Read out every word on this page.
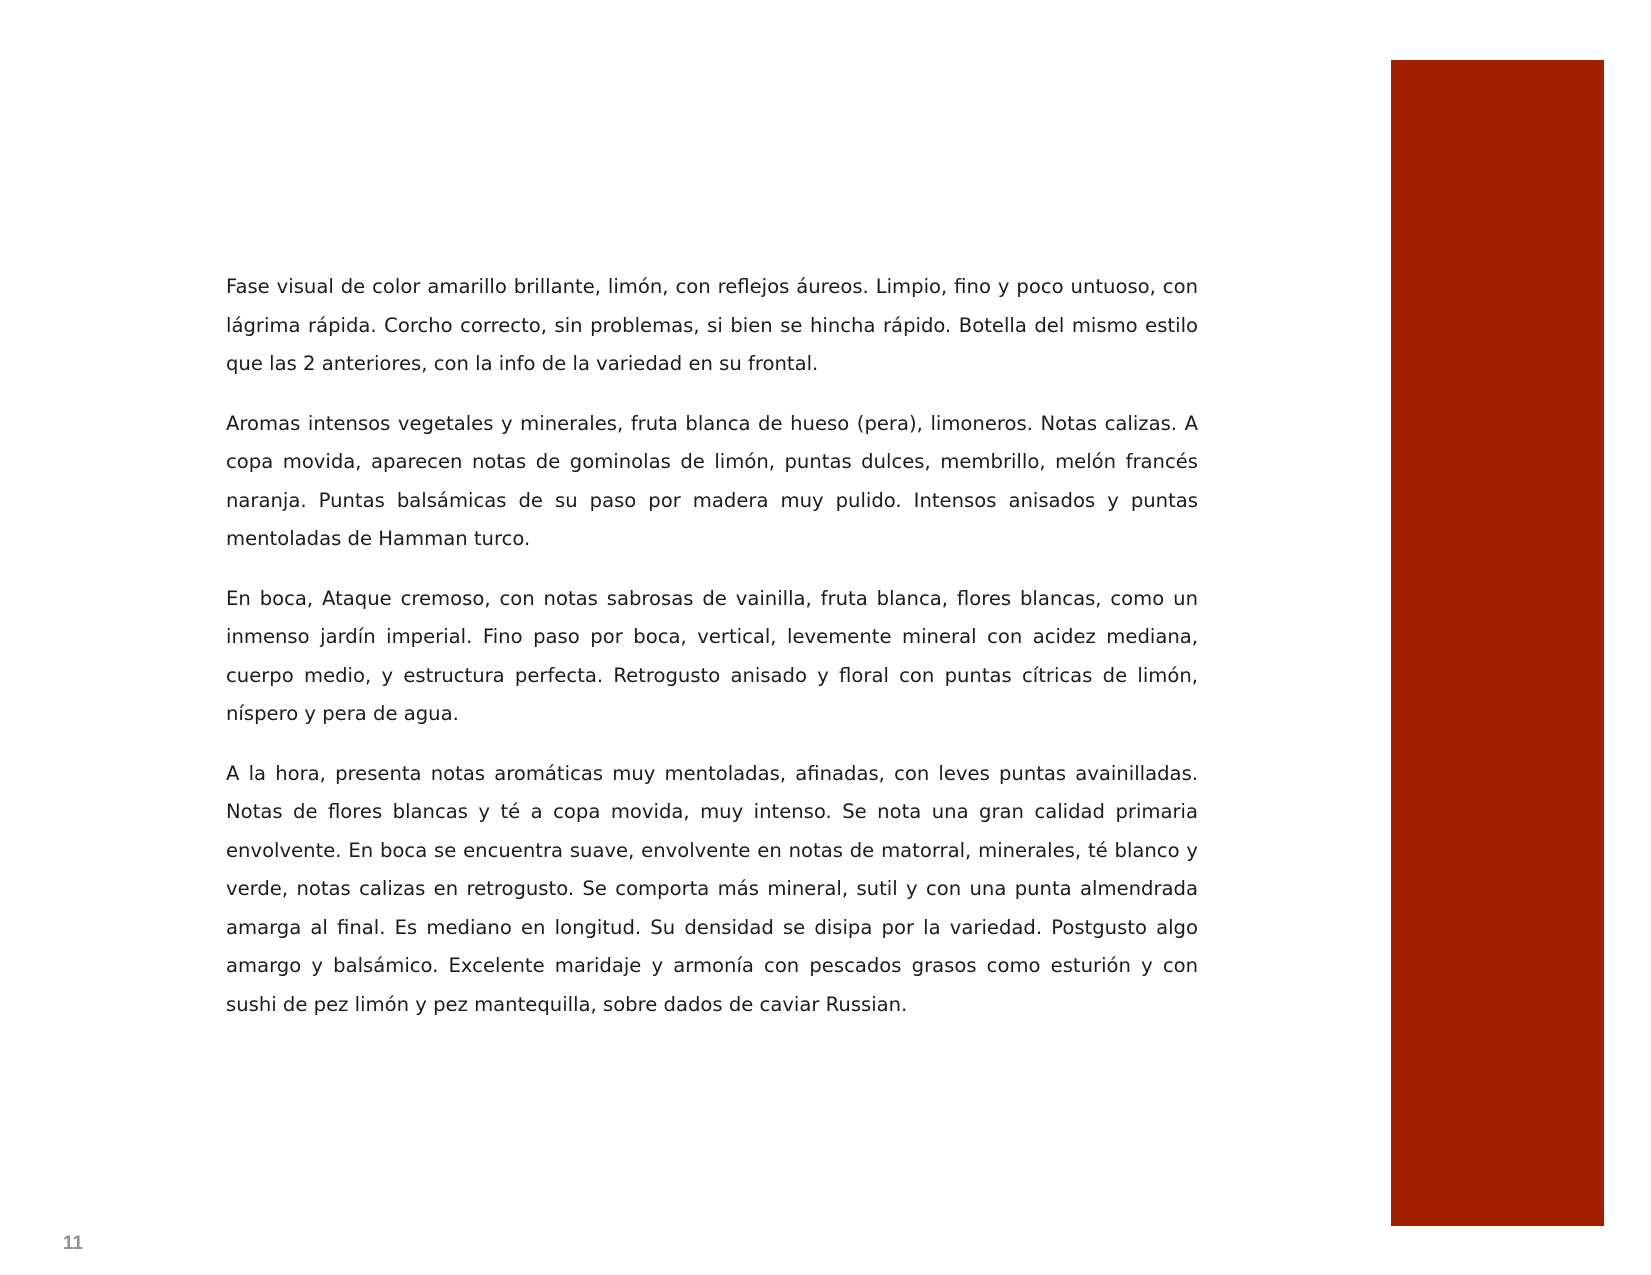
Fase visual de color amarillo brillante, limón, con reflejos áureos. Limpio, fino y poco untuoso, con lágrima rápida. Corcho correcto, sin problemas, si bien se hincha rápido. Botella del mismo estilo que las 2 anteriores, con la info de la variedad en su frontal.

Aromas intensos vegetales y minerales, fruta blanca de hueso (pera), limoneros. Notas calizas. A copa movida, aparecen notas de gominolas de limón, puntas dulces, membrillo, melón francés naranja. Puntas balsámicas de su paso por madera muy pulido. Intensos anisados y puntas mentoladas de Hamman turco.

En boca, Ataque cremoso, con notas sabrosas de vainilla, fruta blanca, flores blancas, como un inmenso jardín imperial. Fino paso por boca, vertical, levemente mineral con acidez mediana, cuerpo medio, y estructura perfecta. Retrogusto anisado y floral con puntas cítricas de limón, níspero y pera de agua.

A la hora, presenta notas aromáticas muy mentoladas, afinadas, con leves puntas avainilladas. Notas de flores blancas y té a copa movida, muy intenso. Se nota una gran calidad primaria envolvente. En boca se encuentra suave, envolvente en notas de matorral, minerales, té blanco y verde, notas calizas en retrogusto. Se comporta más mineral, sutil y con una punta almendrada amarga al final. Es mediano en longitud. Su densidad se disipa por la variedad. Postgusto algo amargo y balsámico. Excelente maridaje y armonía con pescados grasos como esturión y con sushi de pez limón y pez mantequilla, sobre dados de caviar Russian.

11
